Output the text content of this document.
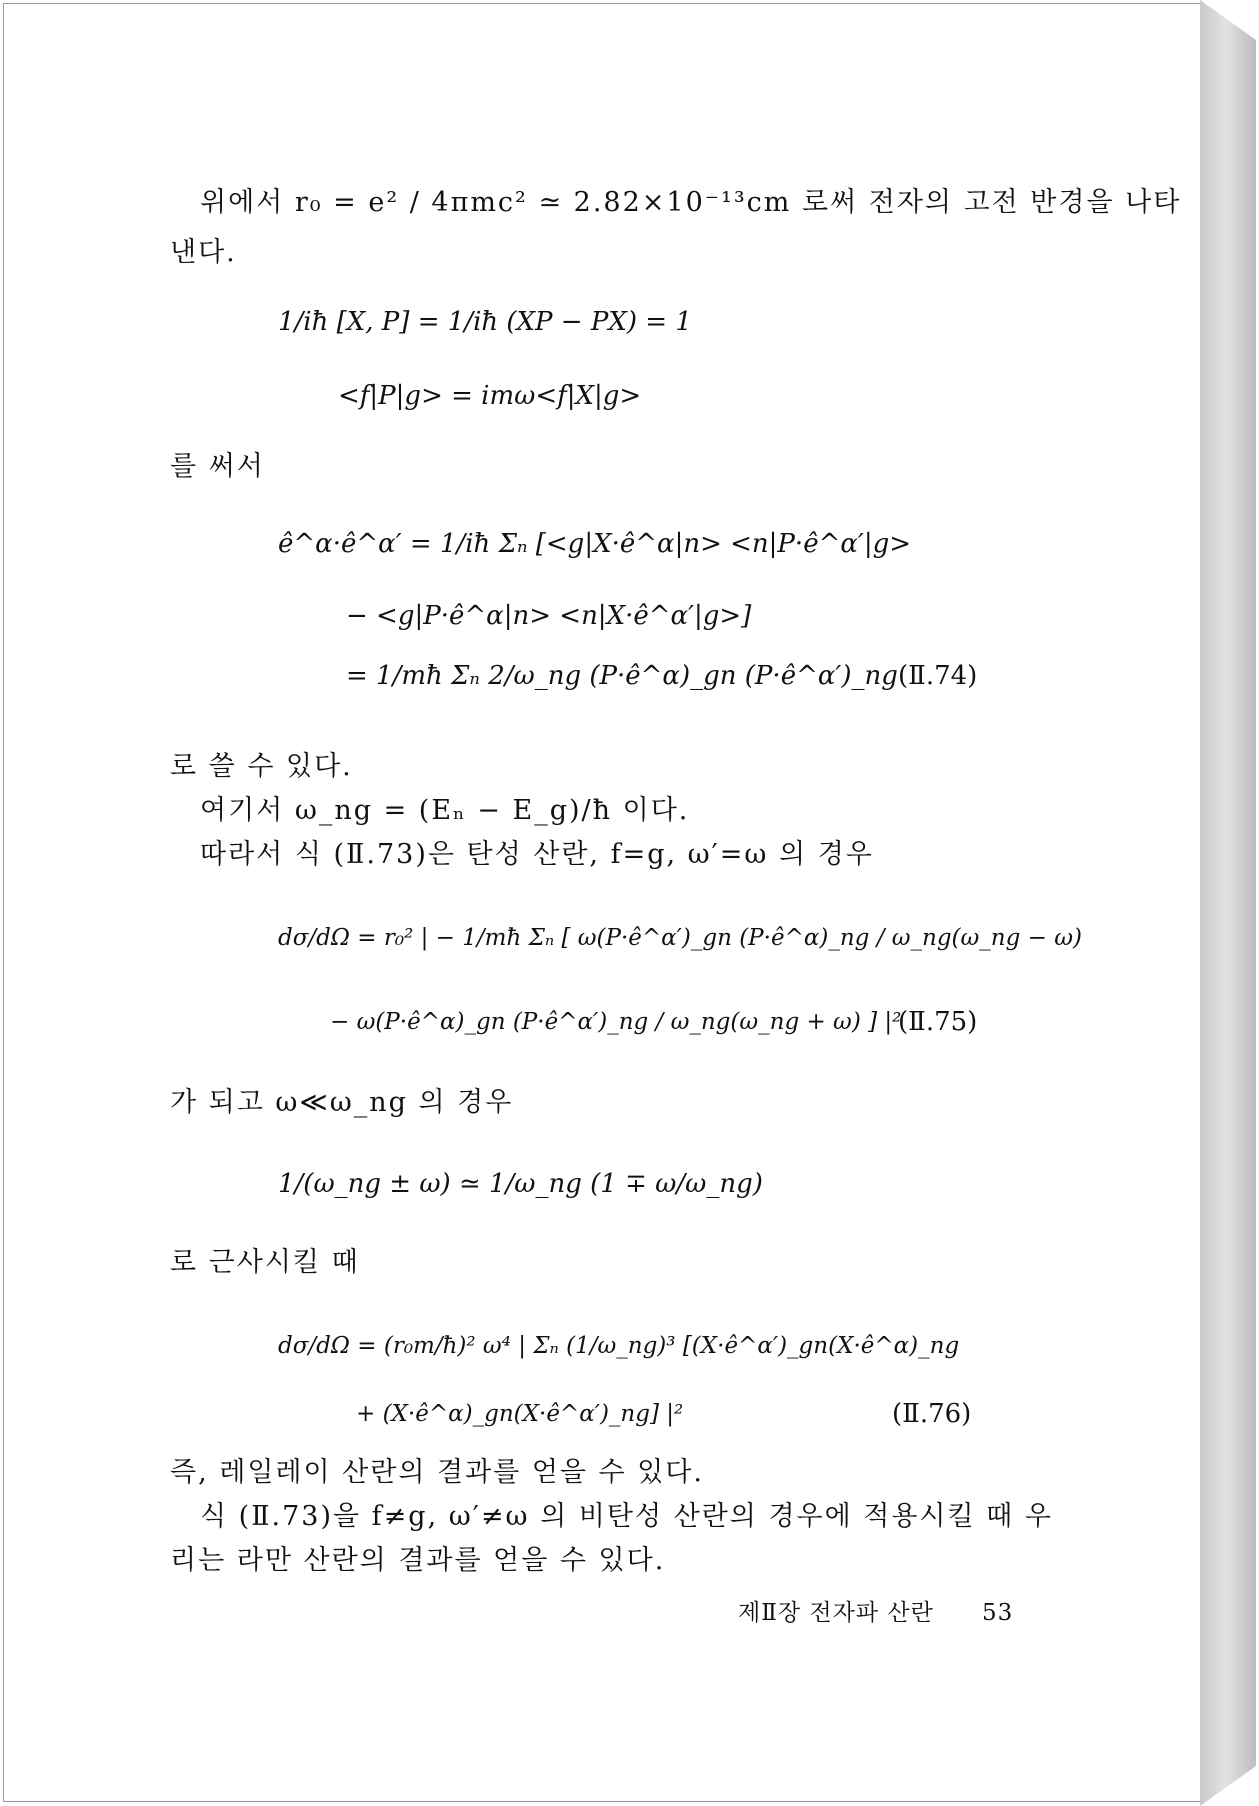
위에서 r₀ = e² / 4πmc² ≃ 2.82×10⁻¹³cm 로써 전자의 고전 반경을 나타
낸다.
1/iħ [X, P] = 1/iħ (XP − PX) = 1
<f|P|g> = imω<f|X|g>
를 써서
ê^α·ê^α′ = 1/iħ Σₙ [<g|X·ê^α|n> <n|P·ê^α′|g>
− <g|P·ê^α|n> <n|X·ê^α′|g>]
= 1/mħ Σₙ 2/ω_ng (P·ê^α)_gn (P·ê^α′)_ng (Ⅱ.74)
로 쓸 수 있다.
여기서 ω_ng = (Eₙ − E_g)/ħ 이다.
따라서 식 (Ⅱ.73)은 탄성 산란, f=g, ω′=ω 의 경우
dσ/dΩ = r₀² | − 1/mħ Σₙ [ ω(P·ê^α′)_gn (P·ê^α)_ng / ω_ng(ω_ng − ω)
− ω(P·ê^α)_gn (P·ê^α′)_ng / ω_ng(ω_ng + ω) ] |²
(Ⅱ.75)
가 되고 ω≪ω_ng 의 경우
1/(ω_ng ± ω) ≃ 1/ω_ng (1 ∓ ω/ω_ng)
로 근사시킬 때
dσ/dΩ = (r₀m/ħ)² ω⁴ | Σₙ (1/ω_ng)³ [(X·ê^α′)_gn(X·ê^α)_ng
+ (X·ê^α)_gn(X·ê^α′)_ng] |²	(Ⅱ.76)
즉, 레일레이 산란의 결과를 얻을 수 있다.
식 (Ⅱ.73)을 f≠g, ω′≠ω 의 비탄성 산란의 경우에 적용시킬 때 우
리는 라만 산란의 결과를 얻을 수 있다.
제Ⅱ장 전자파 산란 53
